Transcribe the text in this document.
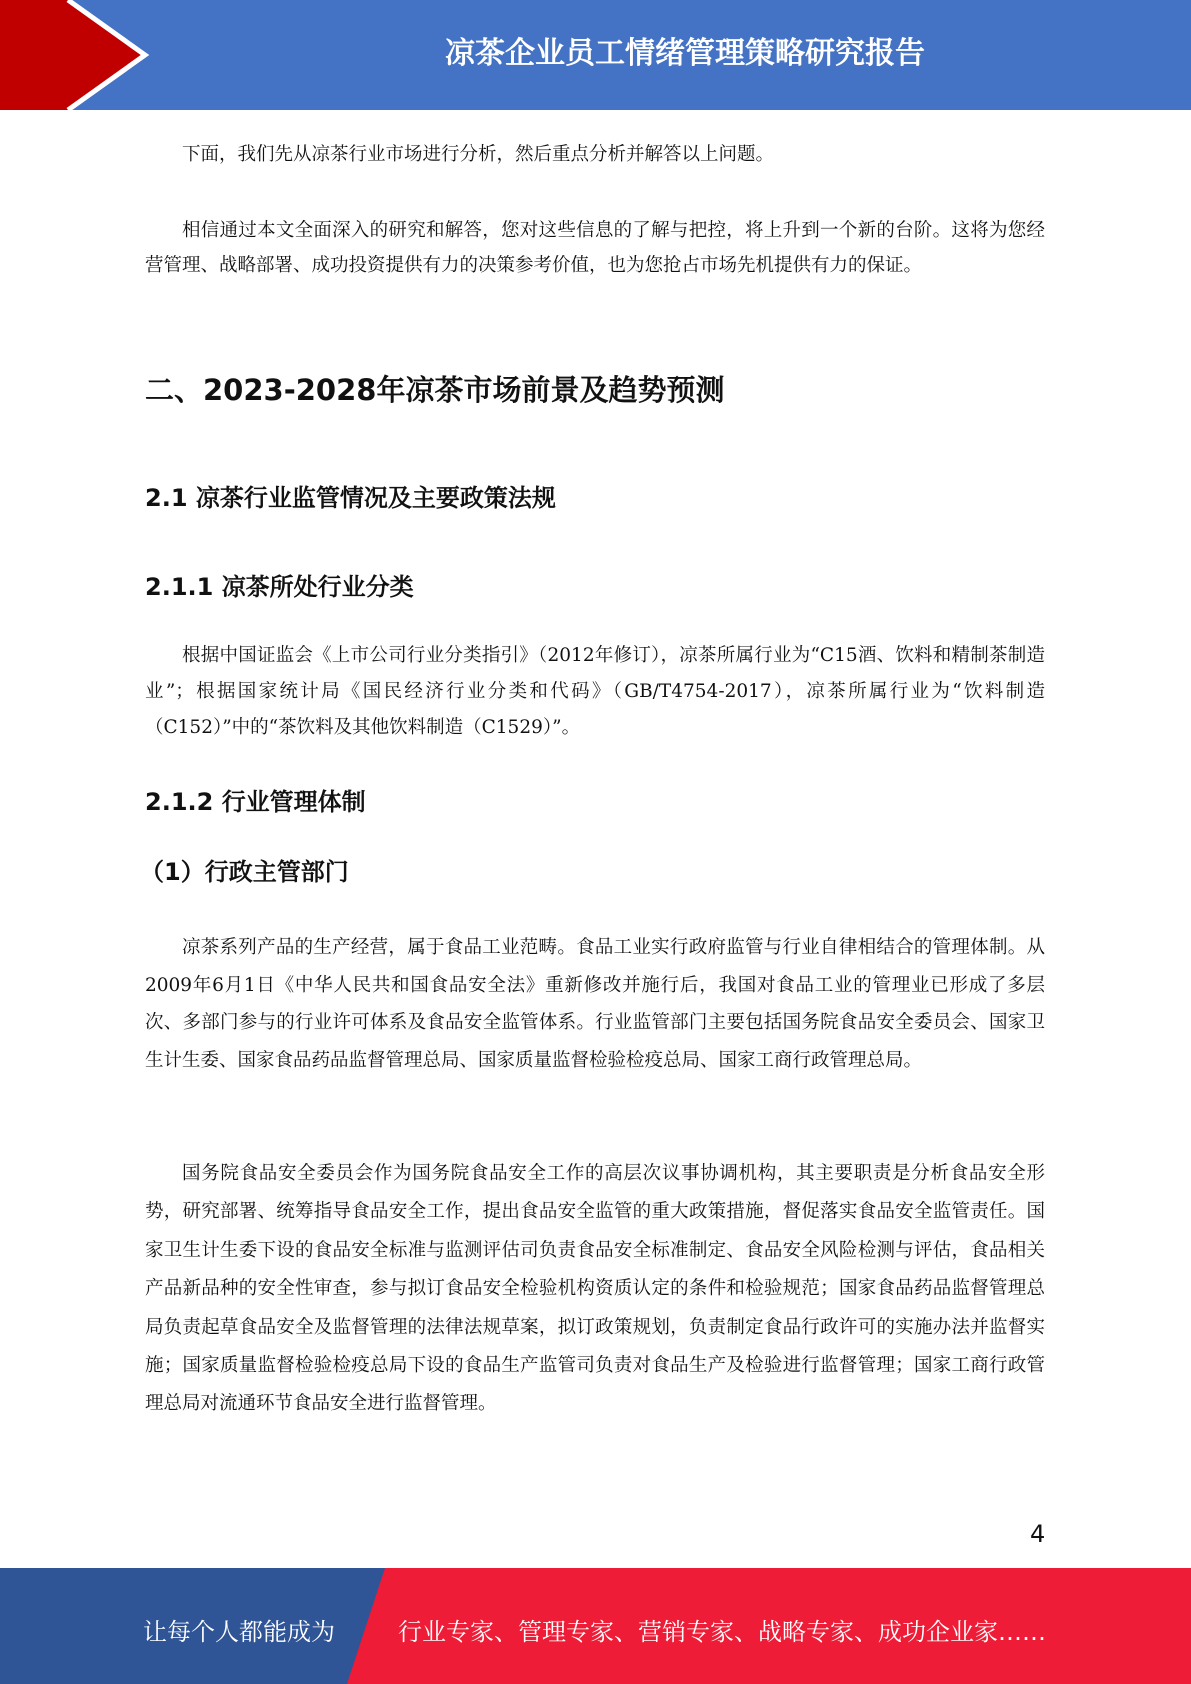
凉茶企业员工情绪管理策略研究报告

下面，我们先从凉茶行业市场进行分析，然后重点分析并解答以上问题。

相信通过本文全面深入的研究和解答，您对这些信息的了解与把控，将上升到一个新的台阶。这将为您经营管理、战略部署、成功投资提供有力的决策参考价值，也为您抢占市场先机提供有力的保证。

二、2023-2028年凉茶市场前景及趋势预测
2.1 凉茶行业监管情况及主要政策法规
2.1.1 凉茶所处行业分类

根据中国证监会《上市公司行业分类指引》（2012年修订），凉茶所属行业为“C15酒、饮料和精制茶制造业”；根据国家统计局《国民经济行业分类和代码》（GB/T4754-2017），凉茶所属行业为“饮料制造（C152）”中的“茶饮料及其他饮料制造（C1529）”。

2.1.2 行业管理体制
（1）行政主管部门

凉茶系列产品的生产经营，属于食品工业范畴。食品工业实行政府监管与行业自律相结合的管理体制。从2009年6月1日《中华人民共和国食品安全法》重新修改并施行后，我国对食品工业的管理业已形成了多层次、多部门参与的行业许可体系及食品安全监管体系。行业监管部门主要包括国务院食品安全委员会、国家卫生计生委、国家食品药品监督管理总局、国家质量监督检验检疫总局、国家工商行政管理总局。

国务院食品安全委员会作为国务院食品安全工作的高层次议事协调机构，其主要职责是分析食品安全形势，研究部署、统筹指导食品安全工作，提出食品安全监管的重大政策措施，督促落实食品安全监管责任。国家卫生计生委下设的食品安全标准与监测评估司负责食品安全标准制定、食品安全风险检测与评估，食品相关产品新品种的安全性审查，参与拟订食品安全检验机构资质认定的条件和检验规范；国家食品药品监督管理总局负责起草食品安全及监督管理的法律法规草案，拟订政策规划，负责制定食品行政许可的实施办法并监督实施；国家质量监督检验检疫总局下设的食品生产监管司负责对食品生产及检验进行监督管理；国家工商行政管理总局对流通环节食品安全进行监督管理。

4
让每个人都能成为	行业专家、管理专家、营销专家、战略专家、成功企业家……
